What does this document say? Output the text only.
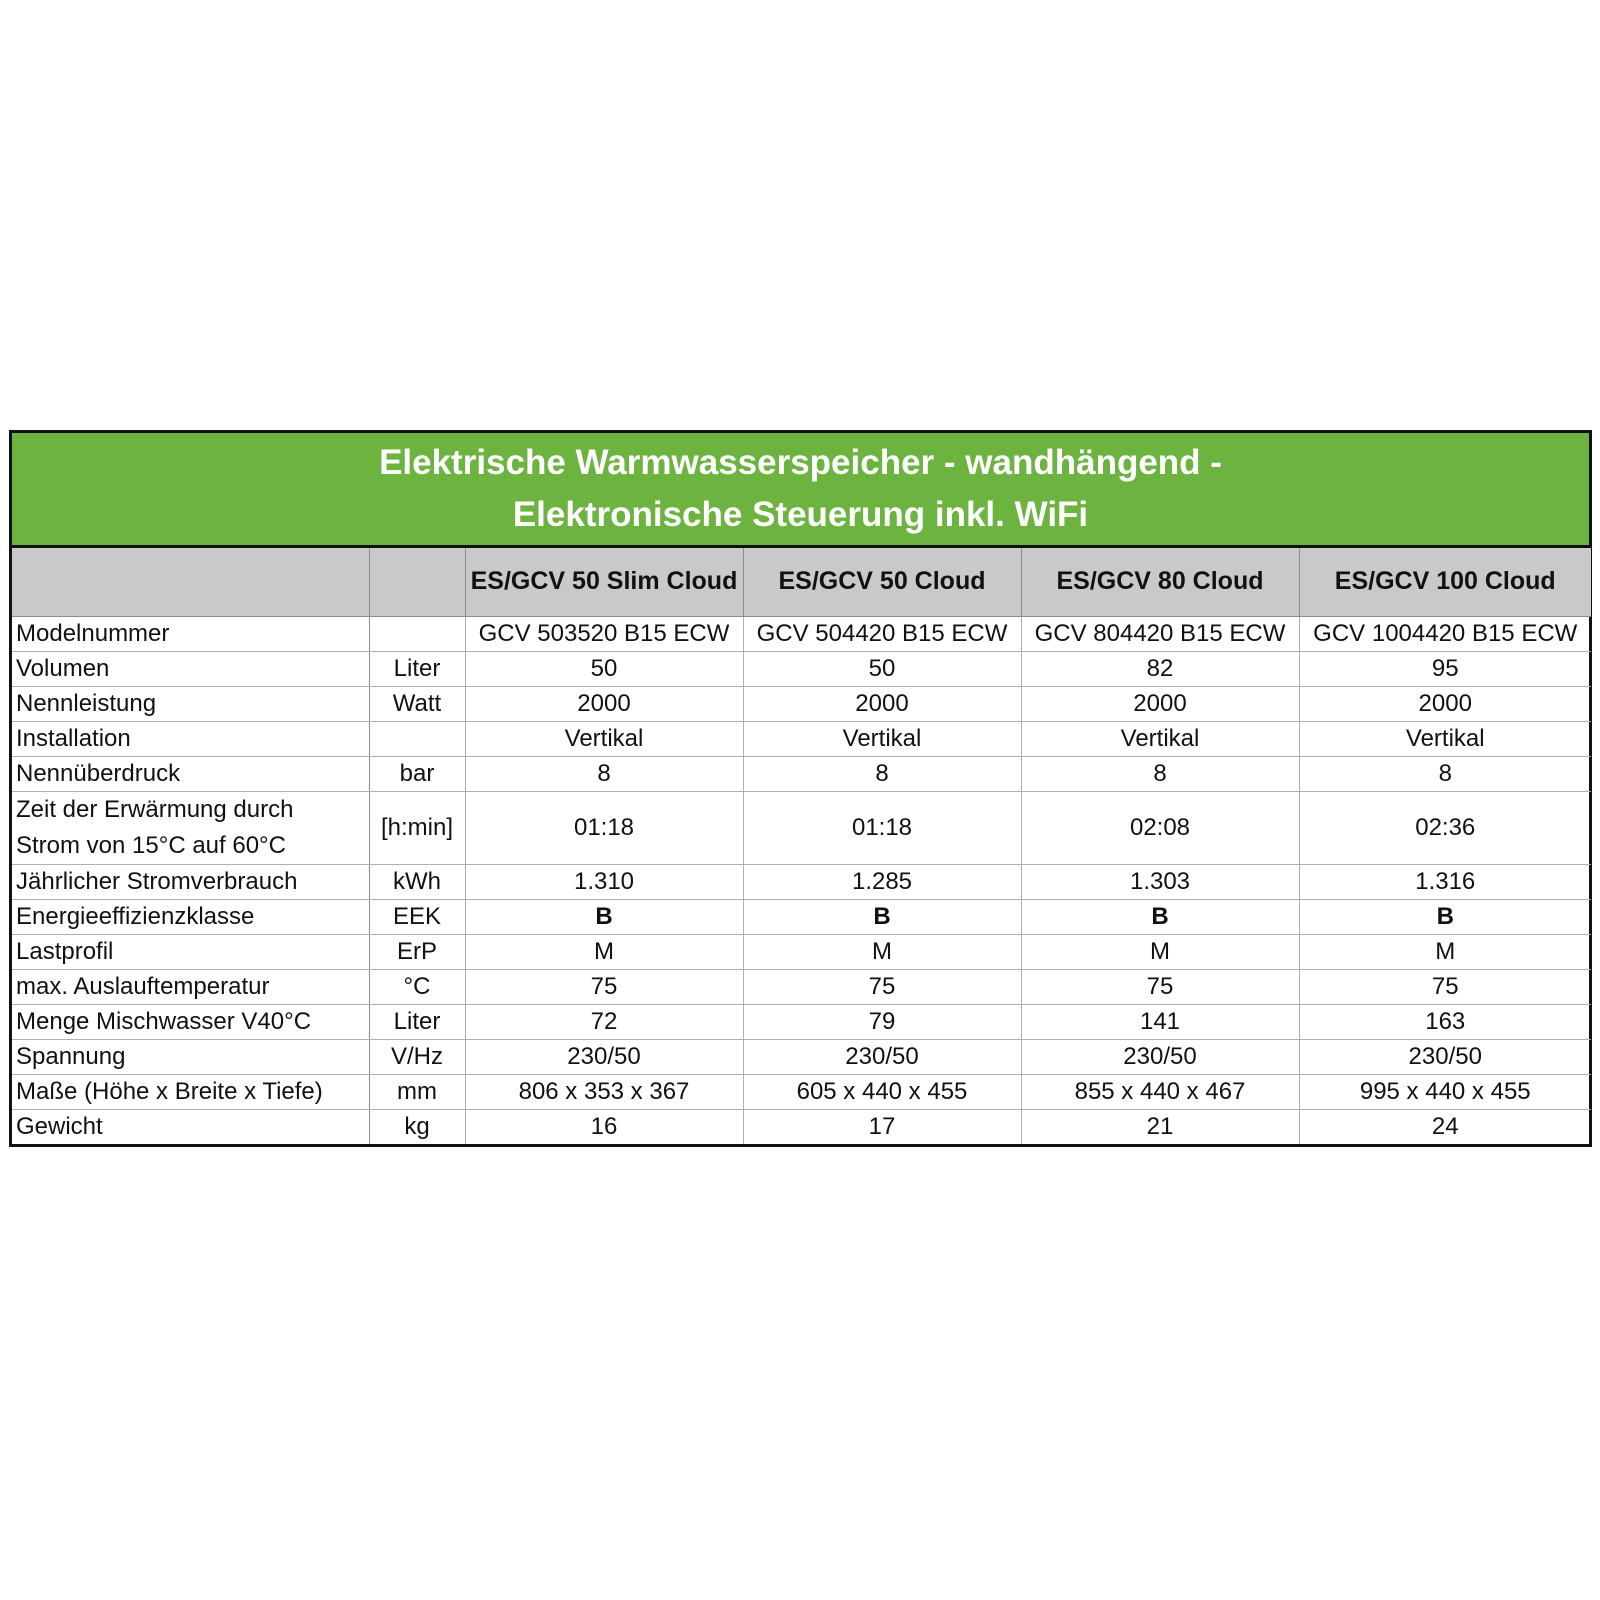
Elektrische Warmwasserspeicher - wandhängend -
Elektronische Steuerung inkl. WiFi
		ES/GCV 50 Slim Cloud	ES/GCV 50 Cloud	ES/GCV 80 Cloud	ES/GCV 100 Cloud
Modelnummer		GCV 503520 B15 ECW	GCV 504420 B15 ECW	GCV 804420 B15 ECW	GCV 1004420 B15 ECW
Volumen	Liter	50	50	82	95
Nennleistung	Watt	2000	2000	2000	2000
Installation		Vertikal	Vertikal	Vertikal	Vertikal
Nennüberdruck	bar	8	8	8	8

Zeit der Erwärmung durch
Strom von 15°C auf 60°C	[h:min]	01:18	01:18	02:08	02:36
Jährlicher Stromverbrauch	kWh	1.310	1.285	1.303	1.316
Energieeffizienzklasse	EEK	B	B	B	B
Lastprofil	ErP	M	M	M	M
max. Auslauftemperatur	°C	75	75	75	75
Menge Mischwasser V40°C	Liter	72	79	141	163
Spannung	V/Hz	230/50	230/50	230/50	230/50
Maße (Höhe x Breite x Tiefe)	mm	806 x 353 x 367	605 x 440 x 455	855 x 440 x 467	995 x 440 x 455
Gewicht	kg	16	17	21	24
